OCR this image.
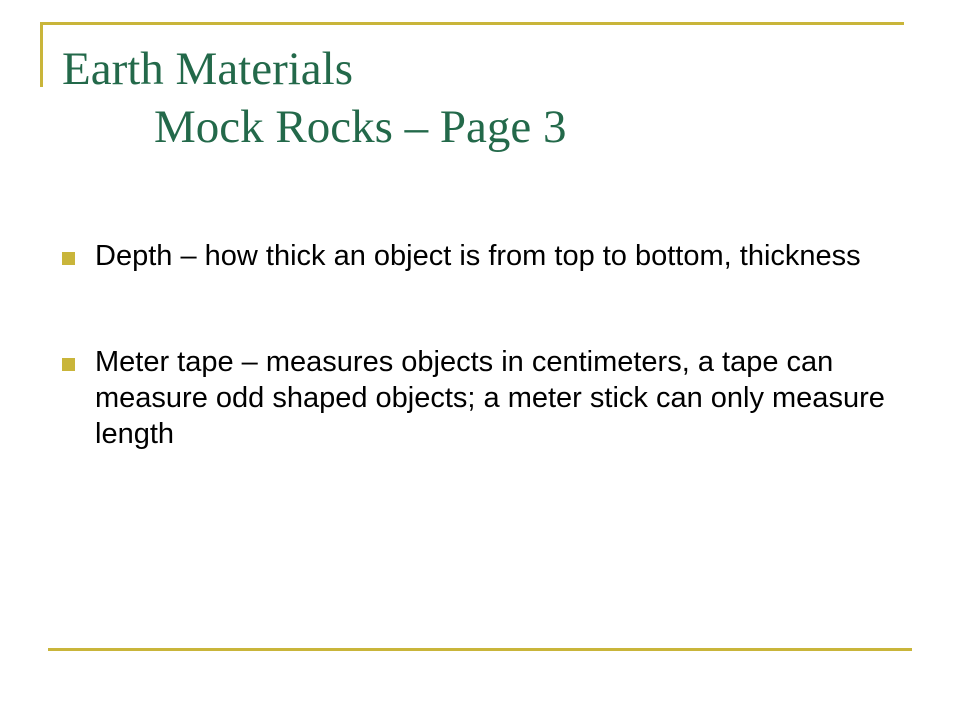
Earth Materials
Mock Rocks – Page 3
Depth – how thick an object is from top to bottom, thickness
Meter tape – measures objects in centimeters, a tape can measure odd shaped objects; a meter stick can only measure length
